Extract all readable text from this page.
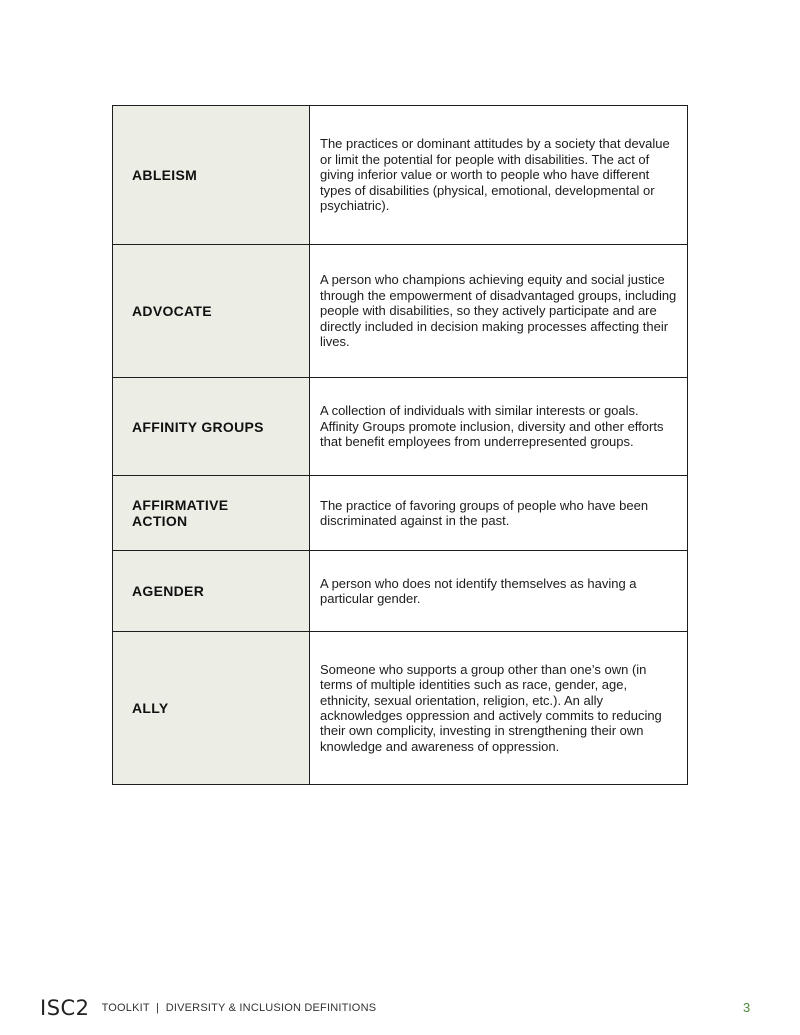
ABLEISM	The practices or dominant attitudes by a society that devalue or limit the potential for people with disabilities. The act of giving inferior value or worth to people who have different types of disabilities (physical, emotional, developmental or psychiatric).

ADVOCATE	A person who champions achieving equity and social justice through the empowerment of disadvantaged groups, including people with disabilities, so they actively participate and are directly included in decision making processes affecting their lives.

AFFINITY GROUPS	A collection of individuals with similar interests or goals. Affinity Groups promote inclusion, diversity and other efforts that benefit employees from underrepresented groups.

AFFIRMATIVE ACTION	The practice of favoring groups of people who have been discriminated against in the past.

AGENDER	A person who does not identify themselves as having a particular gender.

ALLY	Someone who supports a group other than one’s own (in terms of multiple identities such as race, gender, age, ethnicity, sexual orientation, religion, etc.). An ally acknowledges oppression and actively commits to reducing their own complicity, investing in strengthening their own knowledge and awareness of oppression.
ISC2 TOOLKIT  |  DIVERSITY & INCLUSION DEFINITIONS	3
